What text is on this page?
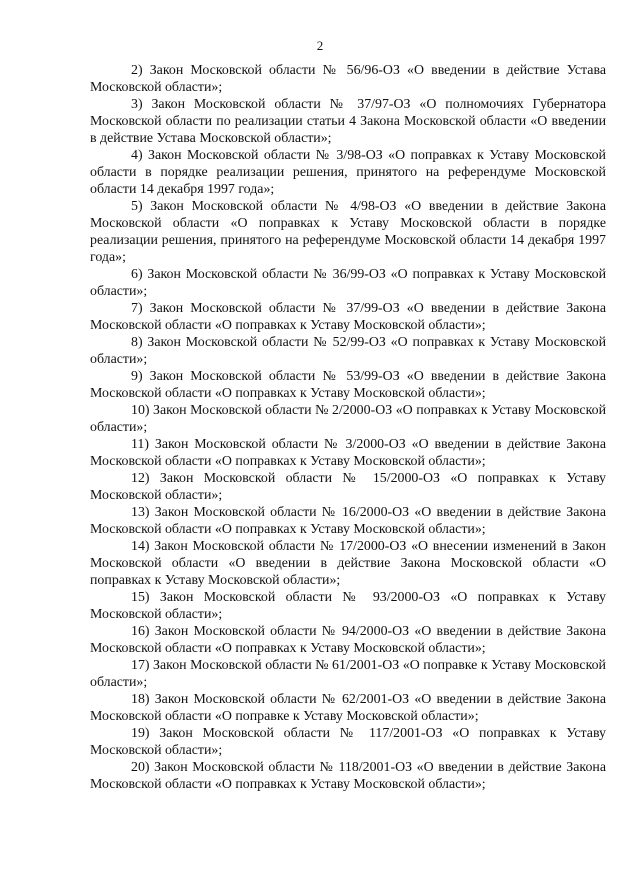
2

2) Закон Московской области № 56/96-ОЗ «О введении в действие Устава Московской области»;

3) Закон Московской области № 37/97-ОЗ «О полномочиях Губернатора Московской области по реализации статьи 4 Закона Московской области «О введении в действие Устава Московской области»;

4) Закон Московской области № 3/98-ОЗ «О поправках к Уставу Московской области в порядке реализации решения, принятого на референдуме Московской области 14 декабря 1997 года»;

5) Закон Московской области № 4/98-ОЗ «О введении в действие Закона Московской области «О поправках к Уставу Московской области в порядке реализации решения, принятого на референдуме Московской области 14 декабря 1997 года»;

6) Закон Московской области № 36/99-ОЗ «О поправках к Уставу Московской области»;

7) Закон Московской области № 37/99-ОЗ «О введении в действие Закона Московской области «О поправках к Уставу Московской области»;

8) Закон Московской области № 52/99-ОЗ «О поправках к Уставу Московской области»;

9) Закон Московской области № 53/99-ОЗ «О введении в действие Закона Московской области «О поправках к Уставу Московской области»;

10) Закон Московской области № 2/2000-ОЗ «О поправках к Уставу Московской области»;

11) Закон Московской области № 3/2000-ОЗ «О введении в действие Закона Московской области «О поправках к Уставу Московской области»;

12) Закон Московской области № 15/2000-ОЗ «О поправках к Уставу Московской области»;

13) Закон Московской области № 16/2000-ОЗ «О введении в действие Закона Московской области «О поправках к Уставу Московской области»;

14) Закон Московской области № 17/2000-ОЗ «О внесении изменений в Закон Московской области «О введении в действие Закона Московской области «О поправках к Уставу Московской области»;

15) Закон Московской области № 93/2000-ОЗ «О поправках к Уставу Московской области»;

16) Закон Московской области № 94/2000-ОЗ «О введении в действие Закона Московской области «О поправках к Уставу Московской области»;

17) Закон Московской области № 61/2001-ОЗ «О поправке к Уставу Московской области»;

18) Закон Московской области № 62/2001-ОЗ «О введении в действие Закона Московской области «О поправке к Уставу Московской области»;

19) Закон Московской области № 117/2001-ОЗ «О поправках к Уставу Московской области»;

20) Закон Московской области № 118/2001-ОЗ «О введении в действие Закона Московской области «О поправках к Уставу Московской области»;
